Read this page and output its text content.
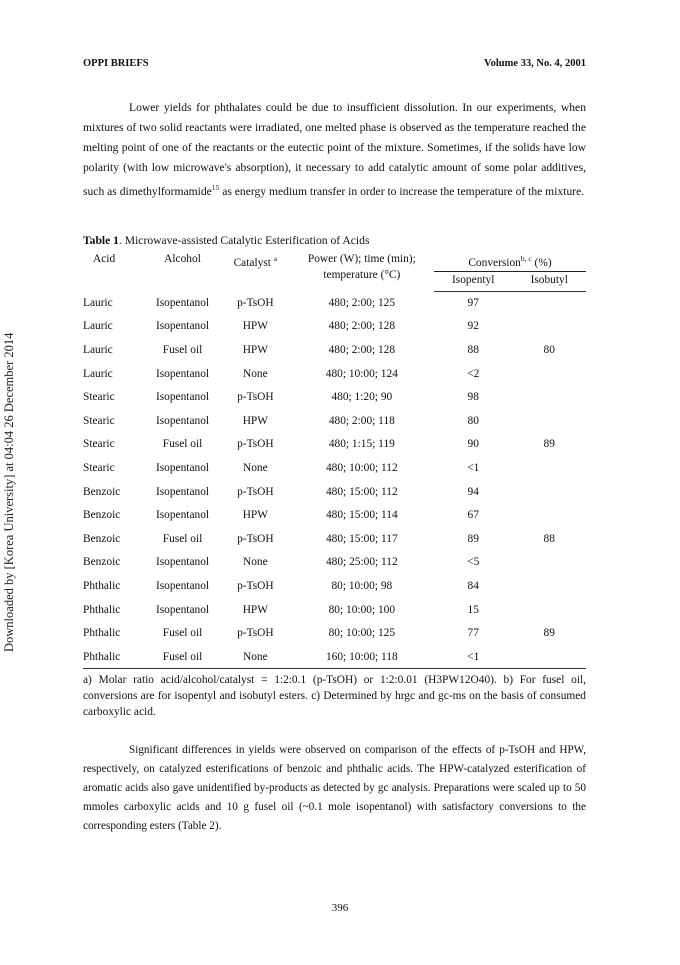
Downloaded by [Korea University] at 04:04 26 December 2014
OPPI BRIEFS	Volume 33, No. 4, 2001
Lower yields for phthalates could be due to insufficient dissolution. In our experiments, when mixtures of two solid reactants were irradiated, one melted phase is observed as the temperature reached the melting point of one of the reactants or the eutectic point of the mixture. Sometimes, if the solids have low polarity (with low microwave's absorption), it necessary to add catalytic amount of some polar additives, such as dimethylformamide$^{15}$ as energy medium transfer in order to increase the temperature of the mixture.
Table 1. Microwave-assisted Catalytic Esterification of Acids
Acid	Alcohol	Catalyst $^a$	Power (W); time (min);
temperature (°C)	Conversion$^{b, c}$ (%)	
				Isopentyl	Isobutyl
Lauric	Isopentanol	p-TsOH	480; 2:00; 125	97	
Lauric	Isopentanol	HPW	480; 2:00; 128	92	
Lauric	Fusel oil	HPW	480; 2:00; 128	88	80
Lauric	Isopentanol	None	480; 10:00; 124	<2	
Stearic	Isopentanol	p-TsOH	480; 1:20; 90	98	
Stearic	Isopentanol	HPW	480; 2:00; 118	80	
Stearic	Fusel oil	p-TsOH	480; 1:15; 119	90	89
Stearic	Isopentanol	None	480; 10:00; 112	<1	
Benzoic	Isopentanol	p-TsOH	480; 15:00; 112	94	
Benzoic	Isopentanol	HPW	480; 15:00; 114	67	
Benzoic	Fusel oil	p-TsOH	480; 15:00; 117	89	88
Benzoic	Isopentanol	None	480; 25:00; 112	<5	
Phthalic	Isopentanol	p-TsOH	80; 10:00; 98	84	
Phthalic	Isopentanol	HPW	80; 10:00; 100	15	
Phthalic	Fusel oil	p-TsOH	80; 10:00; 125	77	89
Phthalic	Fusel oil	None	160; 10:00; 118	<1	
a) Molar ratio acid/alcohol/catalyst = 1:2:0.1 (p-TsOH) or 1:2:0.01 (H3PW12O40). b) For fusel oil, conversions are for isopentyl and isobutyl esters. c) Determined by hrgc and gc-ms on the basis of consumed carboxylic acid.
Significant differences in yields were observed on comparison of the effects of p-TsOH and HPW, respectively, on catalyzed esterifications of benzoic and phthalic acids. The HPW-catalyzed esterification of aromatic acids also gave unidentified by-products as detected by gc analysis. Preparations were scaled up to 50 mmoles carboxylic acids and 10 g fusel oil (~0.1 mole isopentanol) with satisfactory conversions to the corresponding esters (Table 2).
396
